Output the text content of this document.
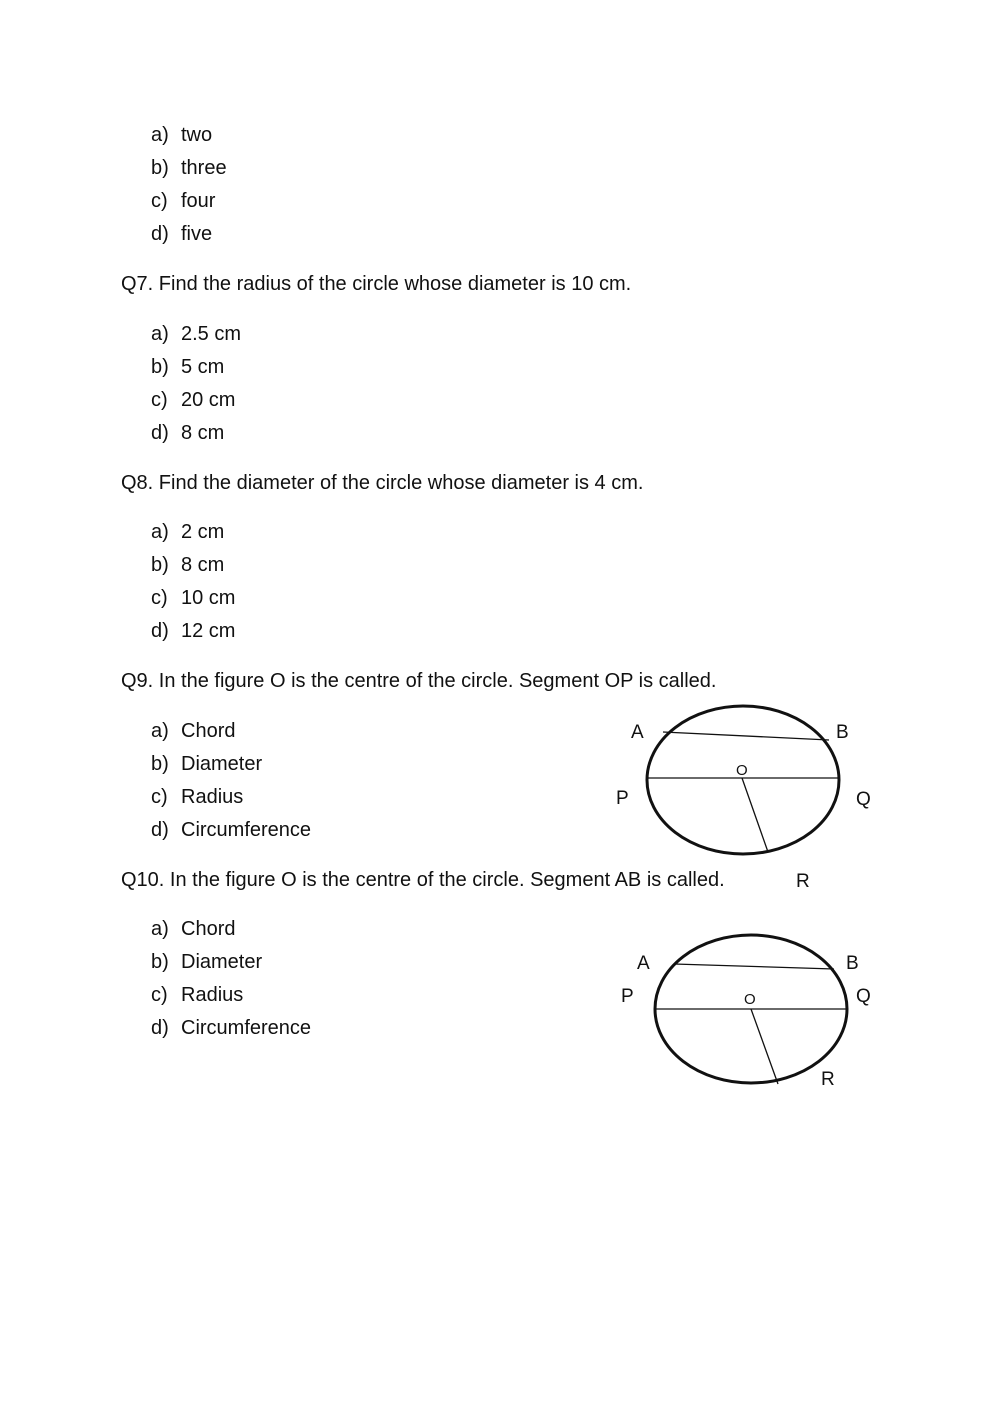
a) two
b) three
c) four
d) five
Q7. Find the radius of the circle whose diameter is 10 cm.
a) 2.5 cm
b) 5 cm
c) 20 cm
d) 8 cm
Q8. Find the diameter of the circle whose diameter is 4 cm.
a) 2 cm
b) 8 cm
c) 10 cm
d) 12 cm
Q9. In the figure O is the centre of the circle. Segment OP is called.
a) Chord
b) Diameter
c) Radius
d) Circumference
A	B
O
P	Q
R
Q10. In the figure O is the centre of the circle. Segment AB is called.
a) Chord
b) Diameter
c) Radius
d) Circumference
A	B
O
P	Q
R
